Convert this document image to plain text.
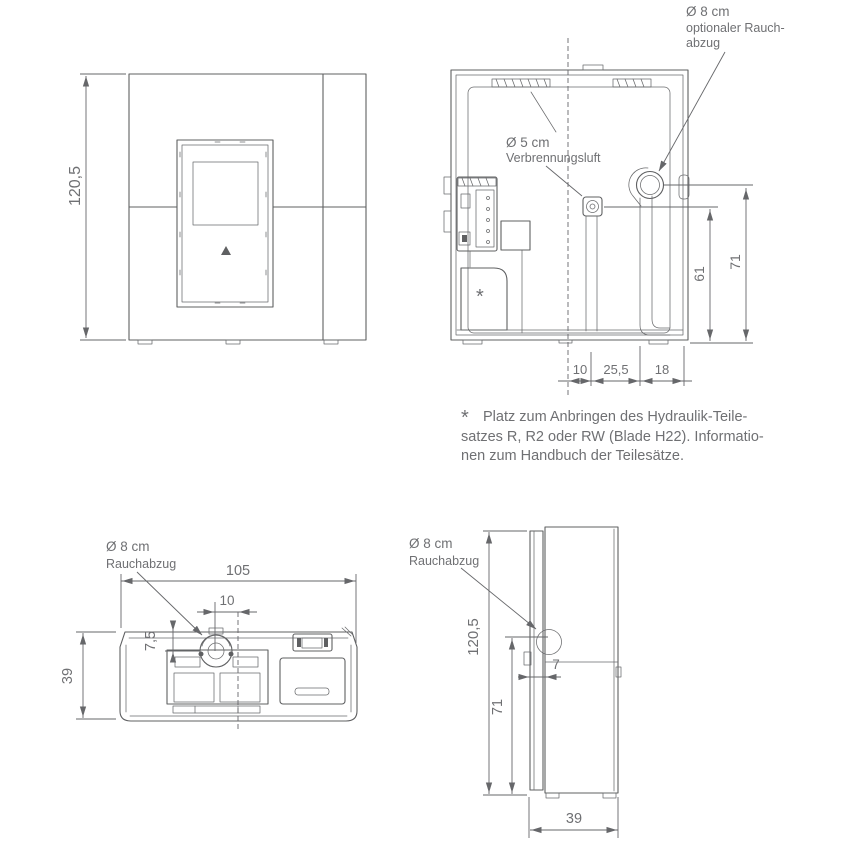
120,5
*
Ø 8 cm
optionaler Rauch-
abzug
Ø 5 cm
Verbrennungsluft
61
71
10 25,5 18
* Platz zum Anbringen des Hydraulik-Teile-
satzes R, R2 oder RW (Blade H22). Informatio-
nen zum Handbuch der Teilesätze.
105
10
7,5
39
Ø 8 cm
Rauchabzug
Ø 8 cm
Rauchabzug
120,5
71
7
39
